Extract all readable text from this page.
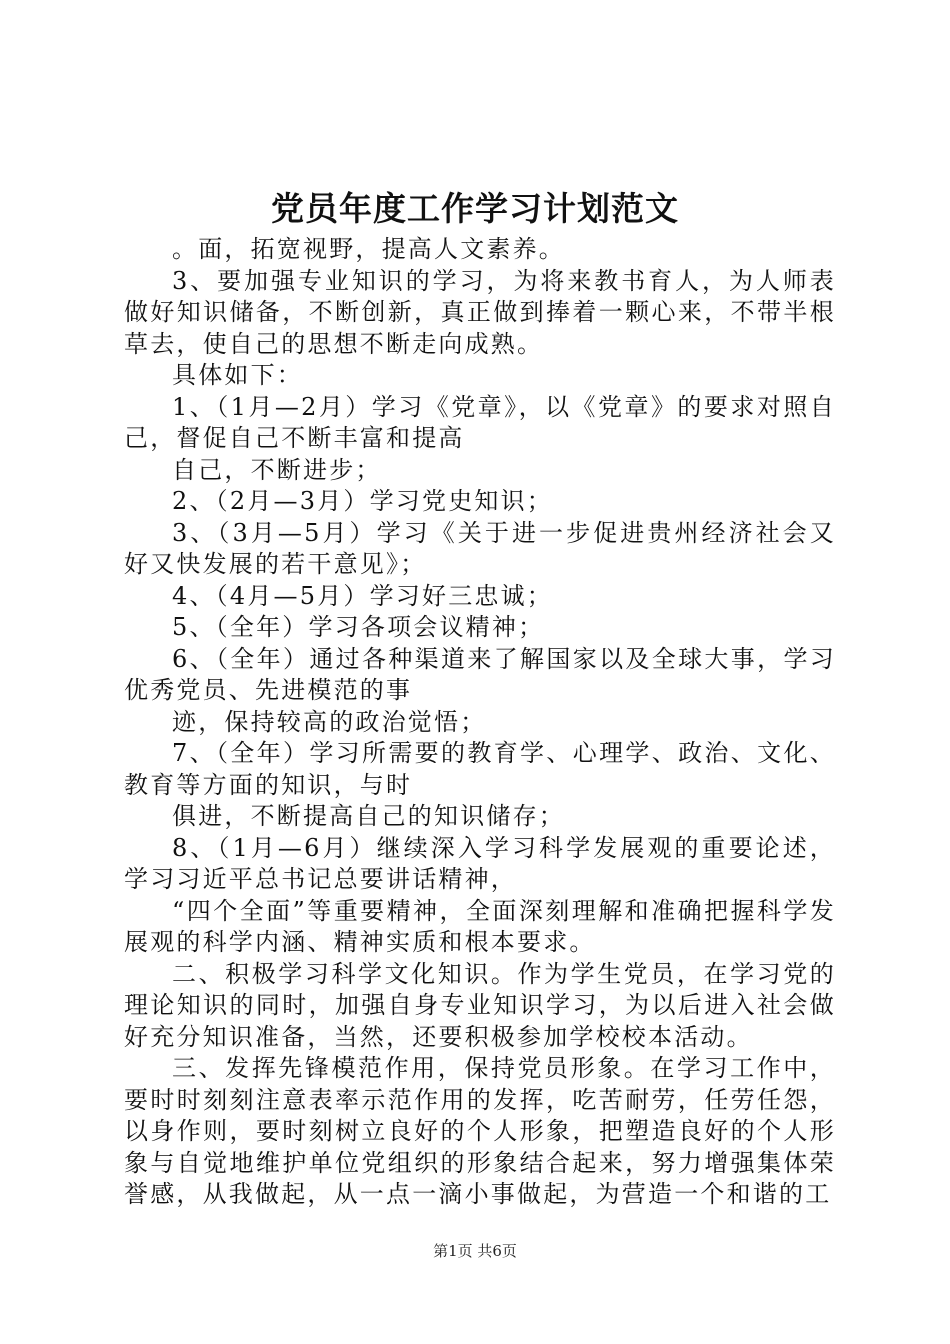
党员年度工作学习计划范文

。面，拓宽视野，提高人文素养。

3、要加强专业知识的学习，为将来教书育人，为人师表做好知识储备，不断创新，真正做到捧着一颗心来，不带半根草去，使自己的思想不断走向成熟。

具体如下：

1、（1月—2月）学习《党章》，以《党章》的要求对照自己，督促自己不断丰富和提高

自己，不断进步；

2、（2月—3月）学习党史知识；

3、（3月—5月）学习《关于进一步促进贵州经济社会又好又快发展的若干意见》；

4、（4月—5月）学习好三忠诚；

5、（全年）学习各项会议精神；

6、（全年）通过各种渠道来了解国家以及全球大事，学习优秀党员、先进模范的事

迹，保持较高的政治觉悟；

7、（全年）学习所需要的教育学、心理学、政治、文化、教育等方面的知识，与时

俱进，不断提高自己的知识储存；

8、（1月—6月）继续深入学习科学发展观的重要论述，学习习近平总书记总要讲话精神，

“四个全面”等重要精神，全面深刻理解和准确把握科学发展观的科学内涵、精神实质和根本要求。

二、积极学习科学文化知识。作为学生党员，在学习党的理论知识的同时，加强自身专业知识学习，为以后进入社会做好充分知识准备，当然，还要积极参加学校校本活动。

三、发挥先锋模范作用，保持党员形象。在学习工作中，要时时刻刻注意表率示范作用的发挥，吃苦耐劳，任劳任怨，以身作则，要时刻树立良好的个人形象，把塑造良好的个人形象与自觉地维护单位党组织的形象结合起来，努力增强集体荣誉感，从我做起，从一点一滴小事做起，为营造一个和谐的工

第1页 共6页
